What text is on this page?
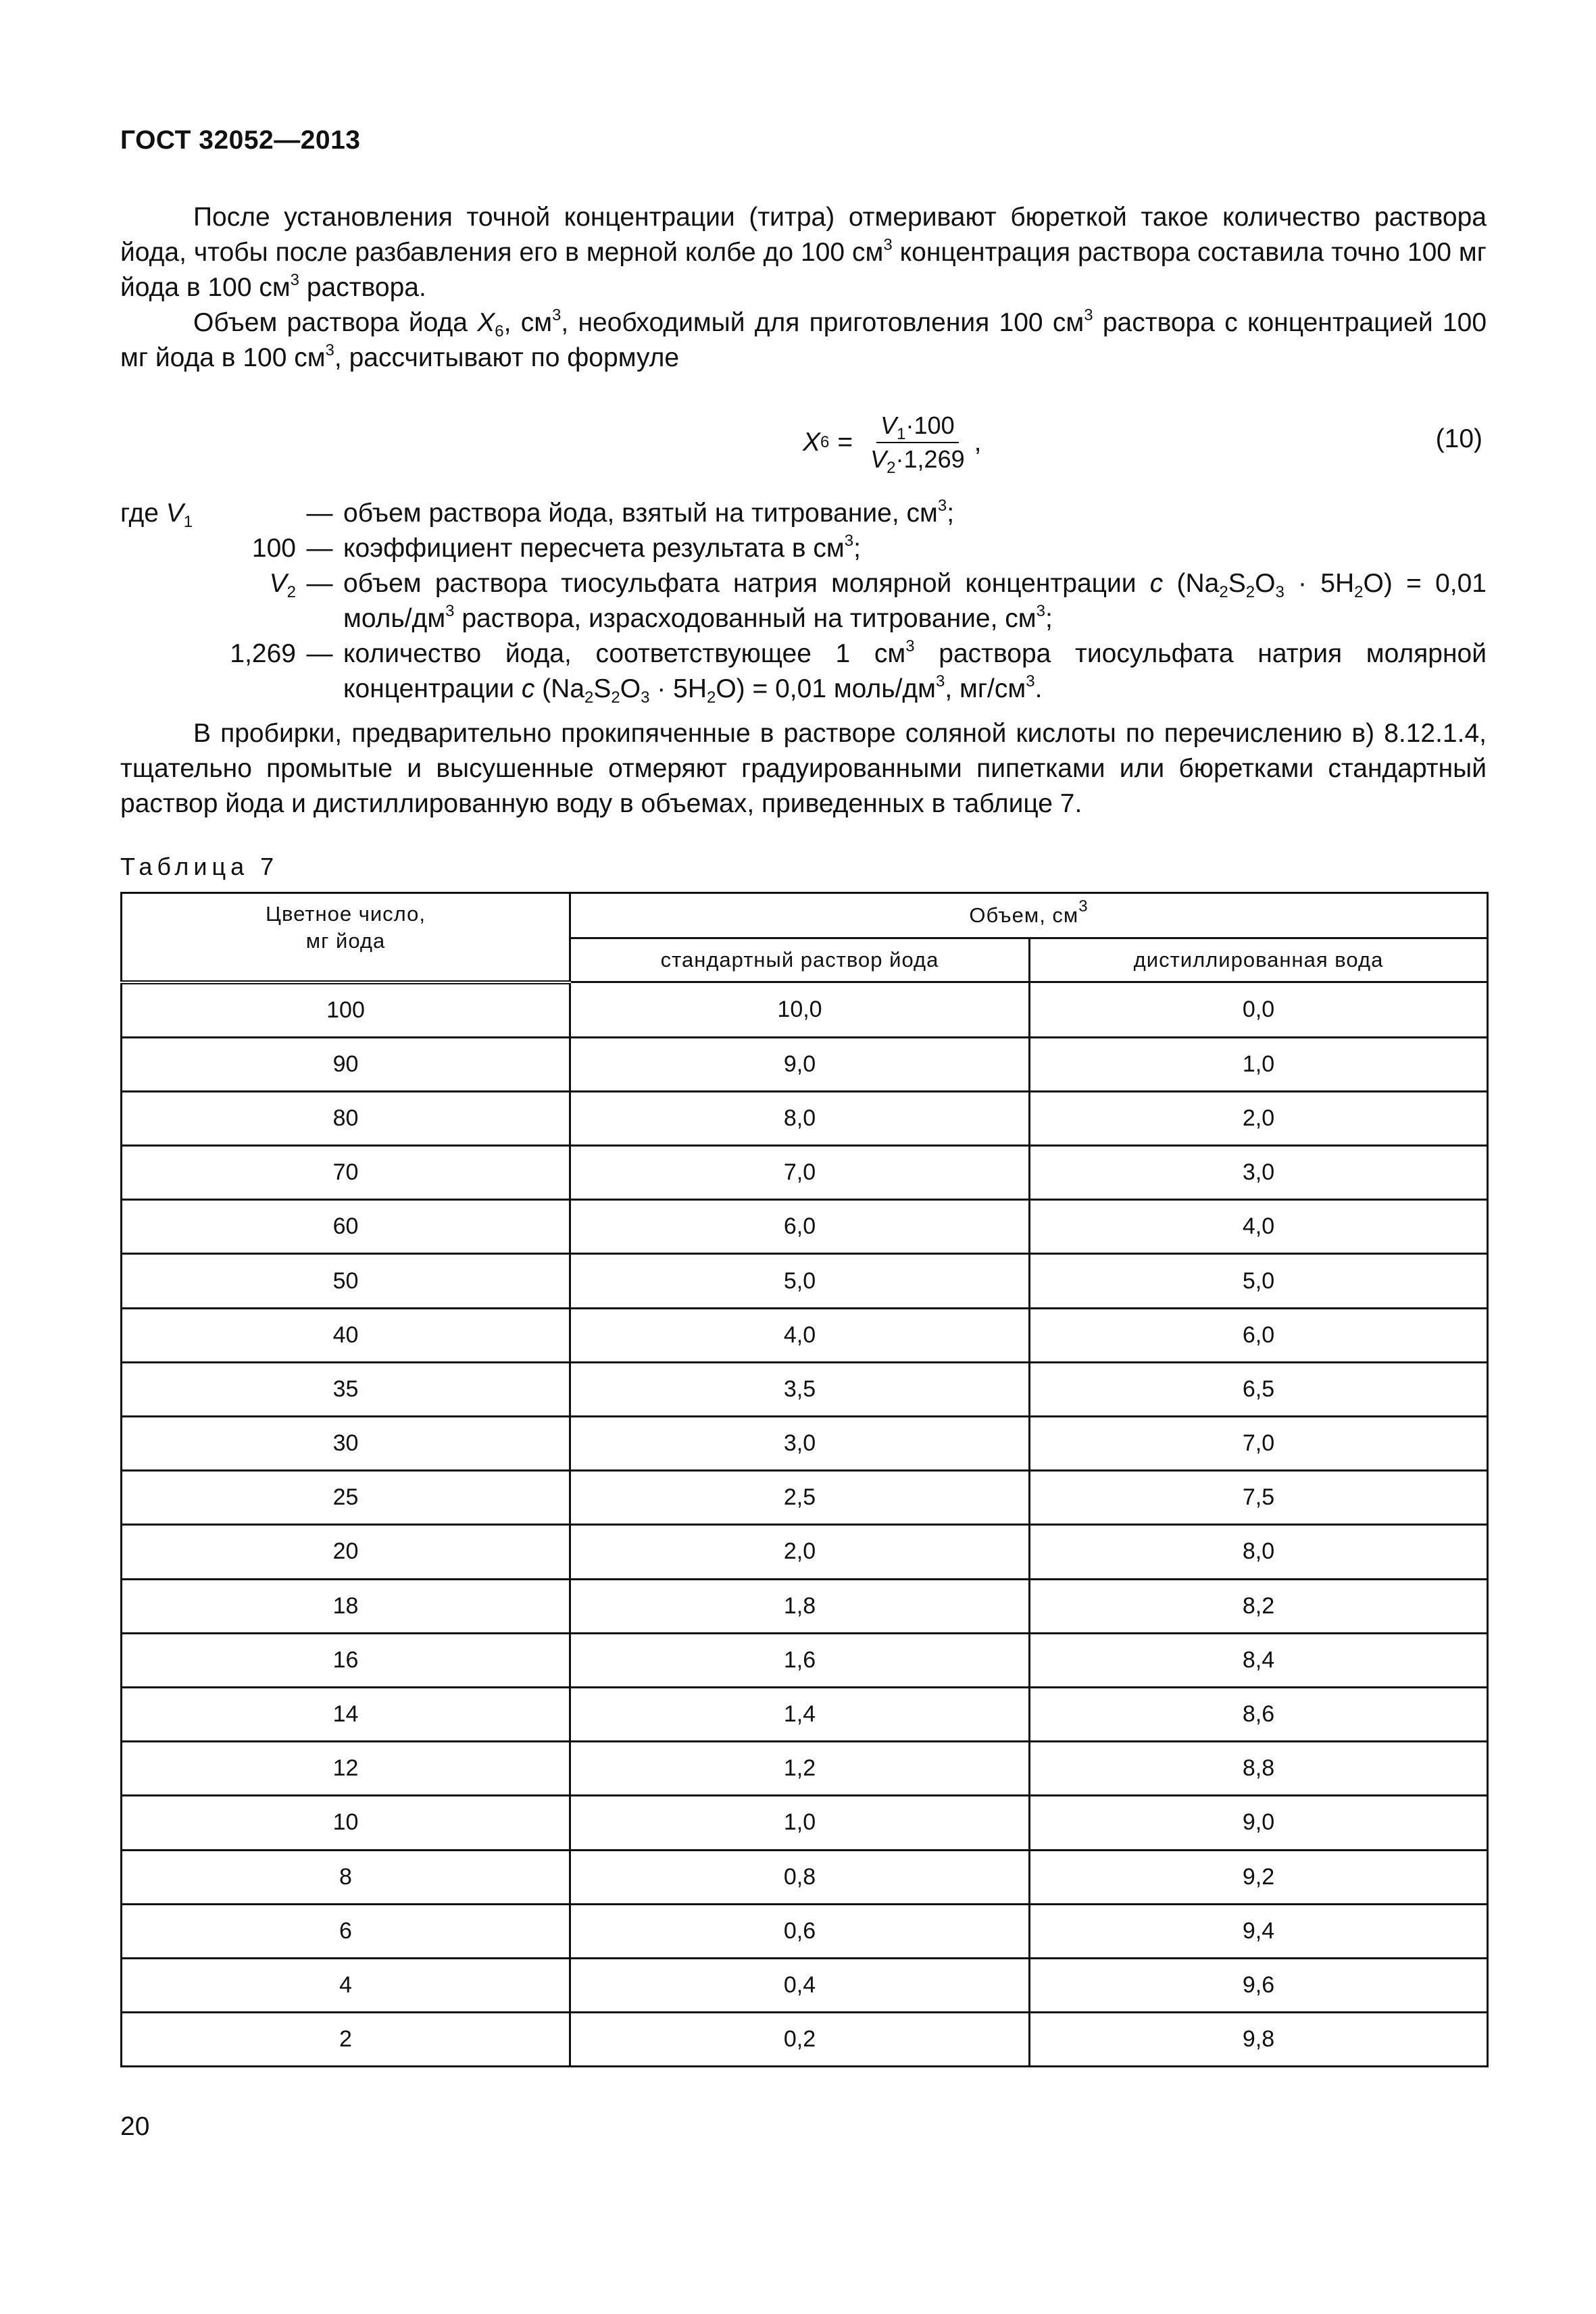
ГОСТ 32052—2013

После установления точной концентрации (титра) отмеривают бюреткой такое количество раствора йода, чтобы после разбавления его в мерной колбе до 100 $см^3$ концентрация раствора составила точно 100 мг йода в 100 $см^3$ раствора.

Объем раствора йода $X_6$, $см^3$, необходимый для приготовления 100 $см^3$ раствора с концентрацией 100 мг йода в 100 $см^3$, рассчитывают по формуле

X $6 = \frac{V_1\cdot 100}{V_2\cdot 1,269}$ ,	(10)
где $V_1$	— объем раствора йода, взятый на титрование, $см^3$;
100 — коэффициент пересчета результата в $см^3$;
$V_2$ — объем раствора тиосульфата натрия молярной концентрации c $(Na_2S_2O_3 \cdot 5H_2O) = 0,01$ моль/$дм^3$ раствора, израсходованный на титрование, $см^3$;
1,269 — количество йода, соответствующее 1 $см^3$ раствора тиосульфата натрия молярной концентрации c $(Na_2S_2O_3 \cdot 5H_2O) = 0,01$ моль/$дм^3$, $мг/см^3$.

В пробирки, предварительно прокипяченные в растворе соляной кислоты по перечислению в) 8.12.1.4, тщательно промытые и высушенные отмеряют градуированными пипетками или бюретками стандартный раствор йода и дистиллированную воду в объемах, приведенных в таблице 7.

Таблица 7
Цветное число,
мг йода	Объем, $см^3$
	стандартный раствор йода	дистиллированная вода
100	10,0	0,0
90	9,0	1,0
80	8,0	2,0
70	7,0	3,0
60	6,0	4,0
50	5,0	5,0
40	4,0	6,0
35	3,5	6,5
30	3,0	7,0
25	2,5	7,5
20	2,0	8,0
18	1,8	8,2
16	1,6	8,4
14	1,4	8,6
12	1,2	8,8
10	1,0	9,0
8	0,8	9,2
6	0,6	9,4
4	0,4	9,6
2	0,2	9,8
20
